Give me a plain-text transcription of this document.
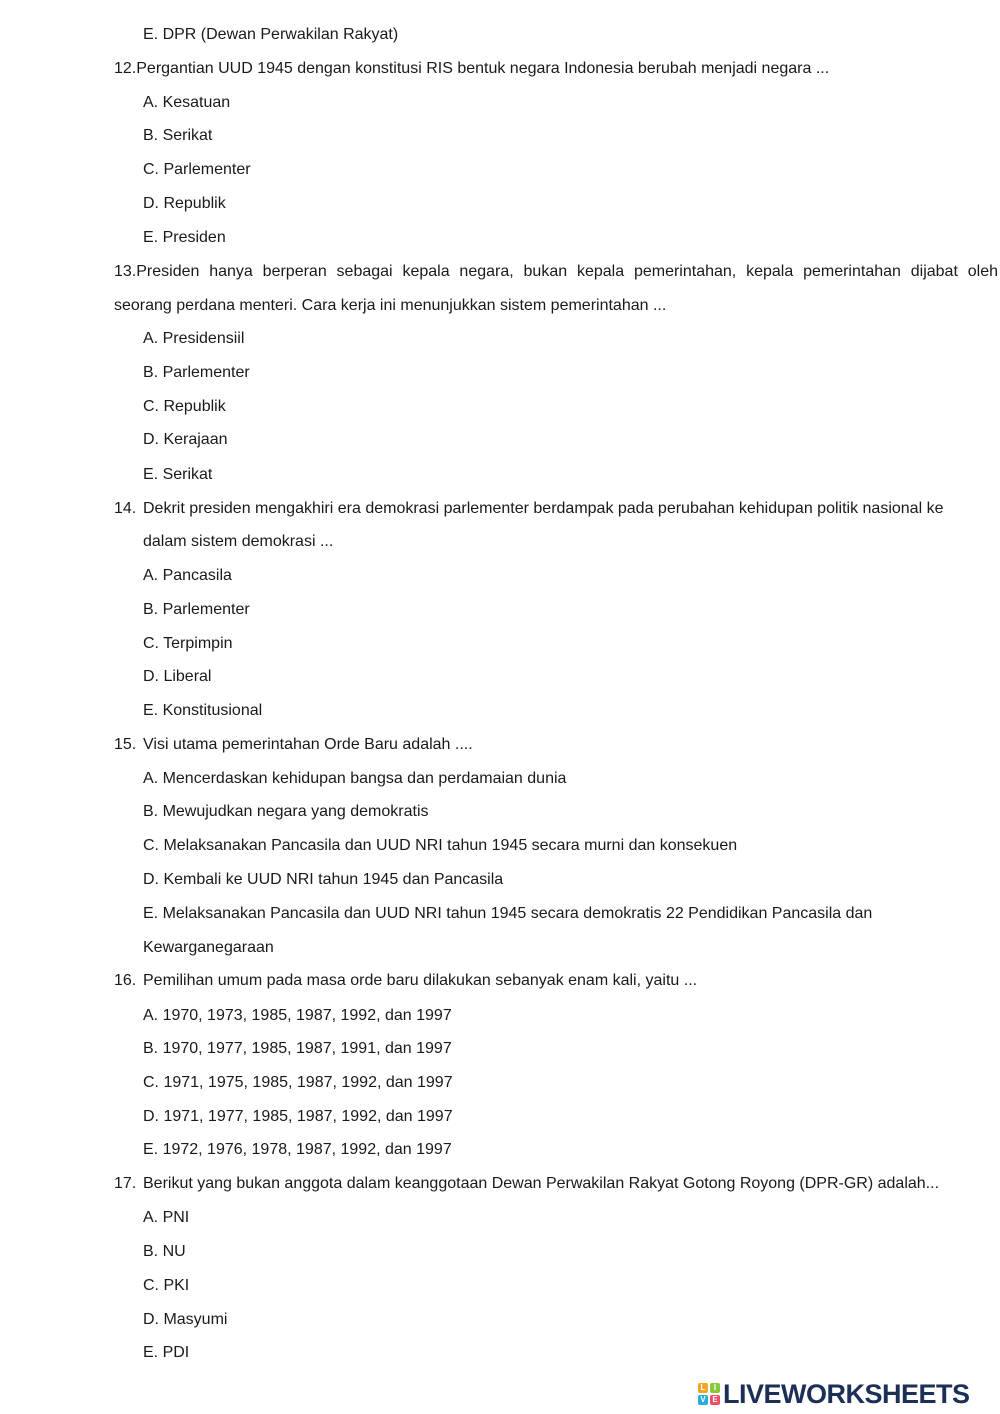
E. DPR (Dewan Perwakilan Rakyat)
12.Pergantian UUD 1945 dengan konstitusi RIS bentuk negara Indonesia berubah menjadi negara ...
A. Kesatuan
B. Serikat
C. Parlementer
D. Republik
E. Presiden
13.Presiden hanya berperan sebagai kepala negara, bukan kepala pemerintahan, kepala pemerintahan dijabat oleh
seorang perdana menteri. Cara kerja ini menunjukkan sistem pemerintahan ...
A. Presidensiil
B. Parlementer
C. Republik
D. Kerajaan
E. Serikat
14. Dekrit presiden mengakhiri era demokrasi parlementer berdampak pada perubahan kehidupan politik nasional ke
dalam sistem demokrasi ...
A. Pancasila
B. Parlementer
C. Terpimpin
D. Liberal
E. Konstitusional
15. Visi utama pemerintahan Orde Baru adalah ....
A. Mencerdaskan kehidupan bangsa dan perdamaian dunia
B. Mewujudkan negara yang demokratis
C. Melaksanakan Pancasila dan UUD NRI tahun 1945 secara murni dan konsekuen
D. Kembali ke UUD NRI tahun 1945 dan Pancasila
E. Melaksanakan Pancasila dan UUD NRI tahun 1945 secara demokratis 22 Pendidikan Pancasila dan
Kewarganegaraan
16. Pemilihan umum pada masa orde baru dilakukan sebanyak enam kali, yaitu ...
A. 1970, 1973, 1985, 1987, 1992, dan 1997
B. 1970, 1977, 1985, 1987, 1991, dan 1997
C. 1971, 1975, 1985, 1987, 1992, dan 1997
D. 1971, 1977, 1985, 1987, 1992, dan 1997
E. 1972, 1976, 1978, 1987, 1992, dan 1997
17. Berikut yang bukan anggota dalam keanggotaan Dewan Perwakilan Rakyat Gotong Royong (DPR-GR) adalah...
A. PNI
B. NU
C. PKI
D. Masyumi
E. PDI
L	I
V E LIVEWORKSHEETS
